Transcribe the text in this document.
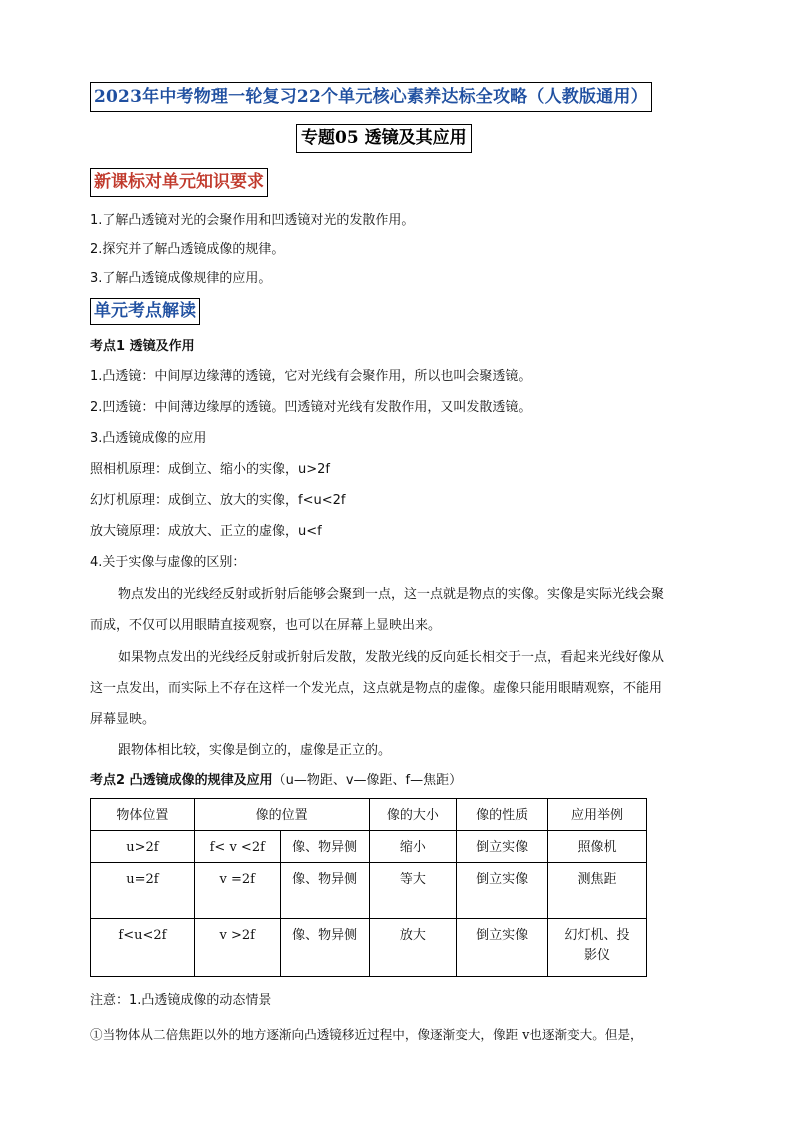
2023年中考物理一轮复习22个单元核心素养达标全攻略（人教版通用）
专题05 透镜及其应用
新课标对单元知识要求
1.了解凸透镜对光的会聚作用和凹透镜对光的发散作用。
2.探究并了解凸透镜成像的规律。
3.了解凸透镜成像规律的应用。
单元考点解读
考点1 透镜及作用
1.凸透镜：中间厚边缘薄的透镜，它对光线有会聚作用，所以也叫会聚透镜。
2.凹透镜：中间薄边缘厚的透镜。凹透镜对光线有发散作用，又叫发散透镜。
3.凸透镜成像的应用
照相机原理：成倒立、缩小的实像，u>2f
幻灯机原理：成倒立、放大的实像，f<u<2f
放大镜原理：成放大、正立的虚像，u<f
4.关于实像与虚像的区别：
物点发出的光线经反射或折射后能够会聚到一点，这一点就是物点的实像。实像是实际光线会聚
而成，不仅可以用眼睛直接观察，也可以在屏幕上显映出来。
如果物点发出的光线经反射或折射后发散，发散光线的反向延长相交于一点，看起来光线好像从
这一点发出，而实际上不存在这样一个发光点，这点就是物点的虚像。虚像只能用眼睛观察，不能用
屏幕显映。
跟物体相比较，实像是倒立的，虚像是正立的。
考点2 凸透镜成像的规律及应用（u—物距、v—像距、f—焦距）
物体位置	像的位置		像的大小	像的性质	应用举例
u>2f	f< v <2f	像、物异侧	缩小	倒立实像	照像机
u=2f	v =2f	像、物异侧	等大	倒立实像	测焦距
f<u<2f	v >2f	像、物异侧	放大	倒立实像	幻灯机、投影仪
注意：1.凸透镜成像的动态情景
①当物体从二倍焦距以外的地方逐渐向凸透镜移近过程中，像逐渐变大，像距 v也逐渐变大。但是，
